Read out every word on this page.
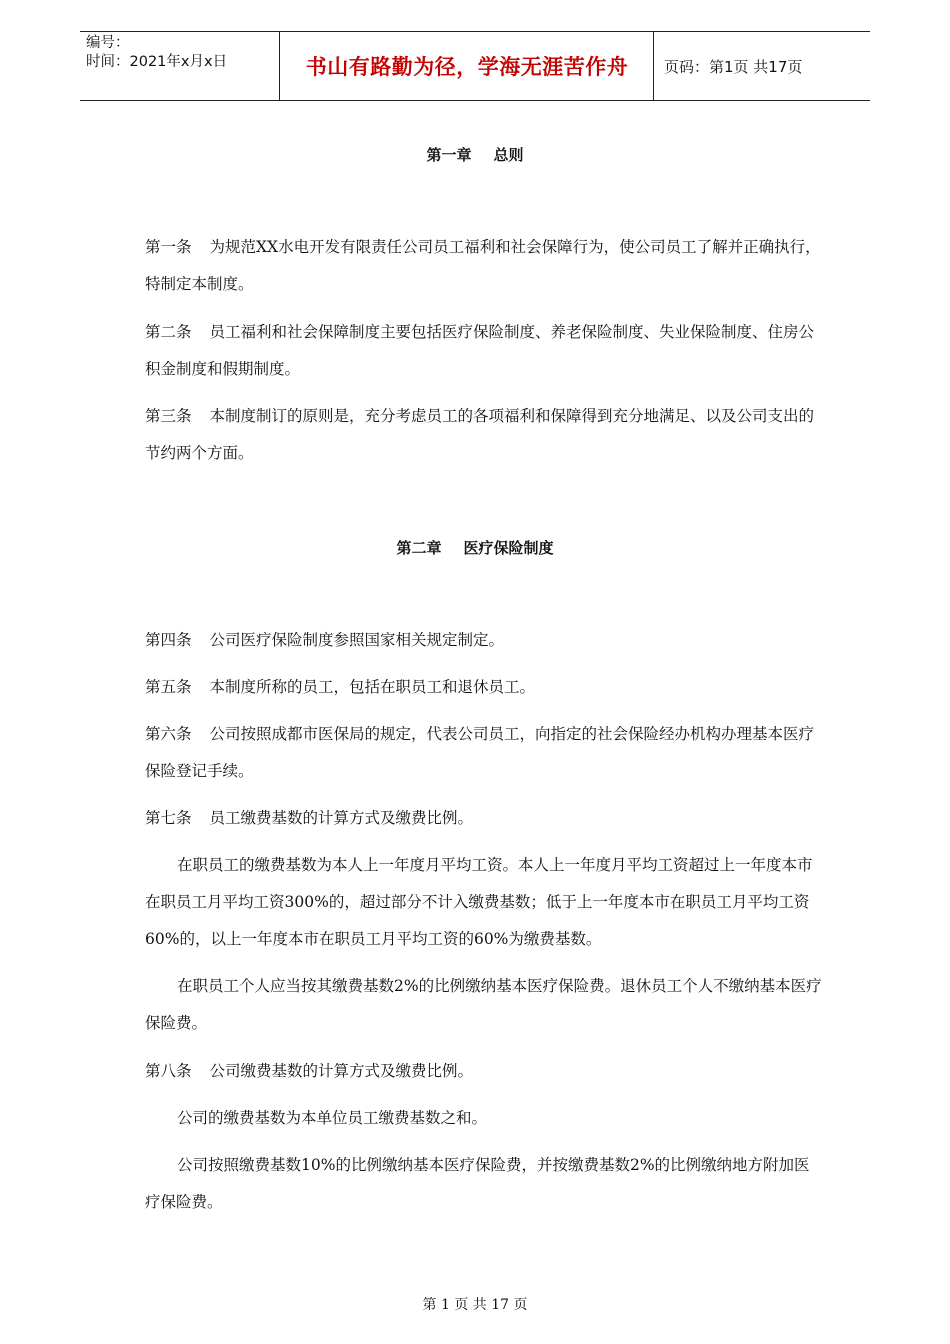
编号：
时间：2021年x月x日	书山有路勤为径，学海无涯苦作舟	页码：第1页 共17页
第一章 总则
第一条 为规范XX水电开发有限责任公司员工福利和社会保障行为，使公司员工了解并正确执行，特制定本制度。
第二条 员工福利和社会保障制度主要包括医疗保险制度、养老保险制度、失业保险制度、住房公积金制度和假期制度。
第三条 本制度制订的原则是，充分考虑员工的各项福利和保障得到充分地满足、以及公司支出的节约两个方面。
第二章 医疗保险制度
第四条 公司医疗保险制度参照国家相关规定制定。
第五条 本制度所称的员工，包括在职员工和退休员工。
第六条 公司按照成都市医保局的规定，代表公司员工，向指定的社会保险经办机构办理基本医疗保险登记手续。
第七条 员工缴费基数的计算方式及缴费比例。
在职员工的缴费基数为本人上一年度月平均工资。本人上一年度月平均工资超过上一年度本市在职员工月平均工资300%的，超过部分不计入缴费基数；低于上一年度本市在职员工月平均工资60%的，以上一年度本市在职员工月平均工资的60%为缴费基数。
在职员工个人应当按其缴费基数2%的比例缴纳基本医疗保险费。退休员工个人不缴纳基本医疗保险费。
第八条 公司缴费基数的计算方式及缴费比例。
公司的缴费基数为本单位员工缴费基数之和。
公司按照缴费基数10%的比例缴纳基本医疗保险费，并按缴费基数2%的比例缴纳地方附加医疗保险费。
第 1 页 共 17 页
